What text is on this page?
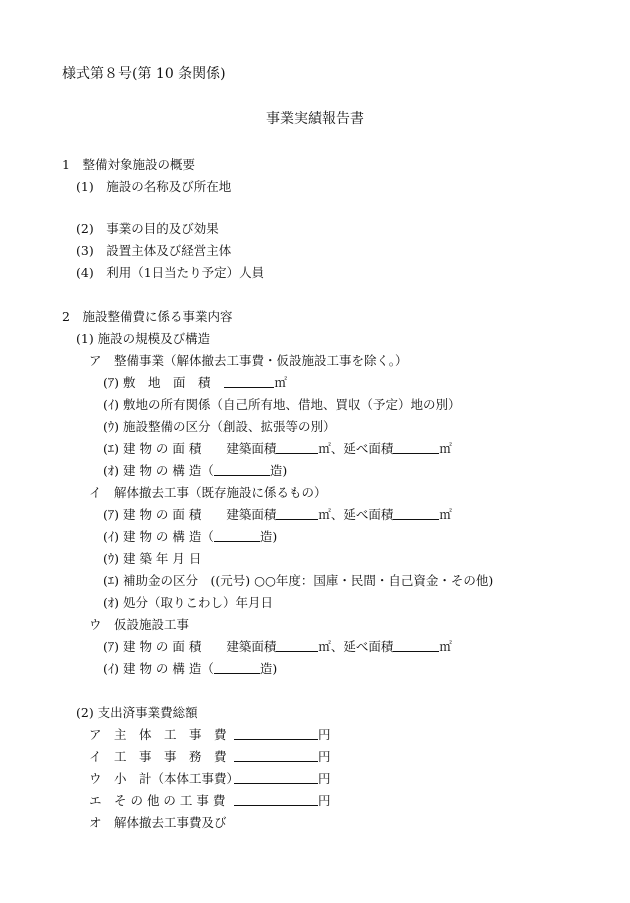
様式第８号(第 10 条関係)
事業実績報告書
1　整備対象施設の概要
(1)　施設の名称及び所在地
(2)　事業の目的及び効果
(3)　設置主体及び経営主体
(4)　利用（1日当たり予定）人員
2　施設整備費に係る事業内容
(1) 施設の規模及び構造
ア　整備事業（解体撤去工事費・仮設施設工事を除く。）
(ｱ) 敷　地　面　積	㎡
(ｲ) 敷地の所有関係（自己所有地、借地、買収（予定）地の別）
(ｳ) 施設整備の区分（創設、拡張等の別）
(ｴ) 建 物 の 面 積 建築面積	㎡、延べ面積	㎡
(ｵ) 建 物 の 構 造（	造)
イ　解体撤去工事（既存施設に係るもの）
(ｱ) 建 物 の 面 積 建築面積	㎡、延べ面積	㎡
(ｲ) 建 物 の 構 造（	造)
(ｳ) 建 築 年 月 日
(ｴ) 補助金の区分　((元号) ○○年度：国庫・民間・自己資金・その他)
(ｵ) 処分（取りこわし）年月日
ウ　仮設施設工事
(ｱ) 建 物 の 面 積 建築面積	㎡、延べ面積	㎡
(ｲ) 建 物 の 構 造（	造)
(2) 支出済事業費総額
ア　主　体　工　事　費	円
イ　工　事　事　務　費	円
ウ　小　計（本体工事費）	円
エ　そ の 他 の 工 事 費	円
オ　解体撤去工事費及び
